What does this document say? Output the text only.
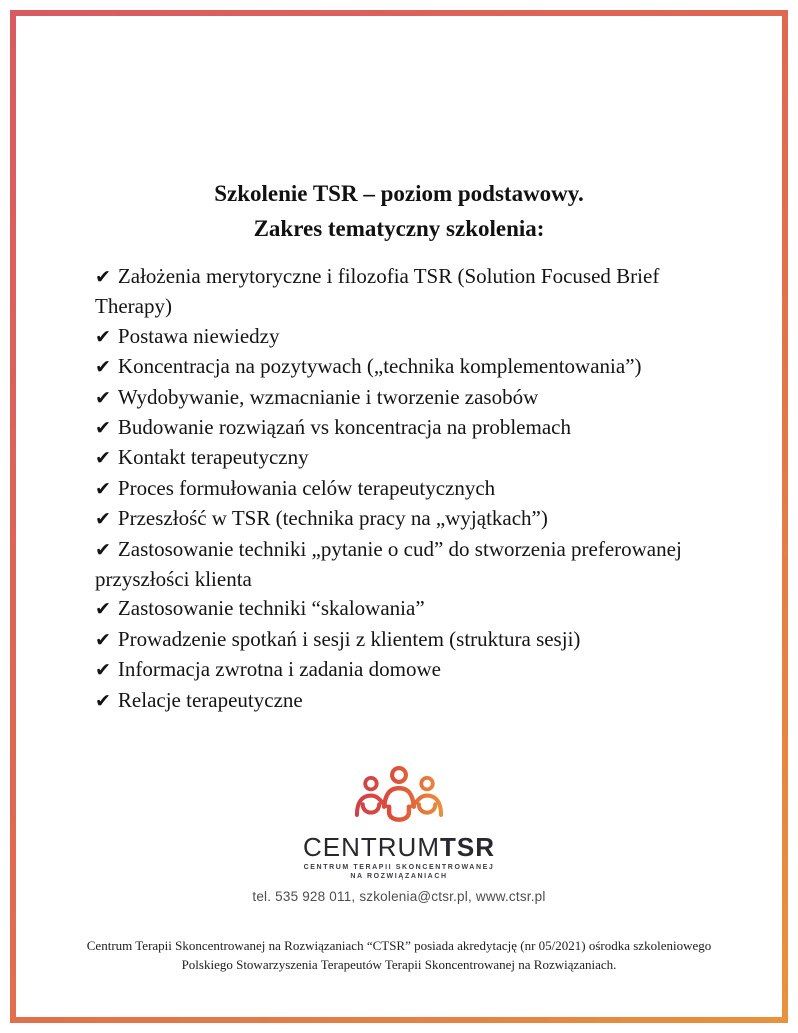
Szkolenie TSR – poziom podstawowy.
Zakres tematyczny szkolenia:
✔ Założenia merytoryczne i filozofia TSR (Solution Focused Brief Therapy)
✔ Postawa niewiedzy
✔ Koncentracja na pozytywach („technika komplementowania”)
✔ Wydobywanie, wzmacnianie i tworzenie zasobów
✔ Budowanie rozwiązań vs koncentracja na problemach
✔ Kontakt terapeutyczny
✔ Proces formułowania celów terapeutycznych
✔ Przeszłość w TSR (technika pracy na „wyjątkach”)
✔ Zastosowanie techniki „pytanie o cud” do stworzenia preferowanej przyszłości klienta
✔ Zastosowanie techniki “skalowania”
✔ Prowadzenie spotkań i sesji z klientem (struktura sesji)
✔ Informacja zwrotna i zadania domowe
✔ Relacje terapeutyczne
CENTRUMTSR
CENTRUM TERAPII SKONCENTROWANEJ
NA ROZWIĄZANIACH
tel. 535 928 011, szkolenia@ctsr.pl, www.ctsr.pl
Centrum Terapii Skoncentrowanej na Rozwiązaniach “CTSR” posiada akredytację (nr 05/2021) ośrodka szkoleniowego
Polskiego Stowarzyszenia Terapeutów Terapii Skoncentrowanej na Rozwiązaniach.
